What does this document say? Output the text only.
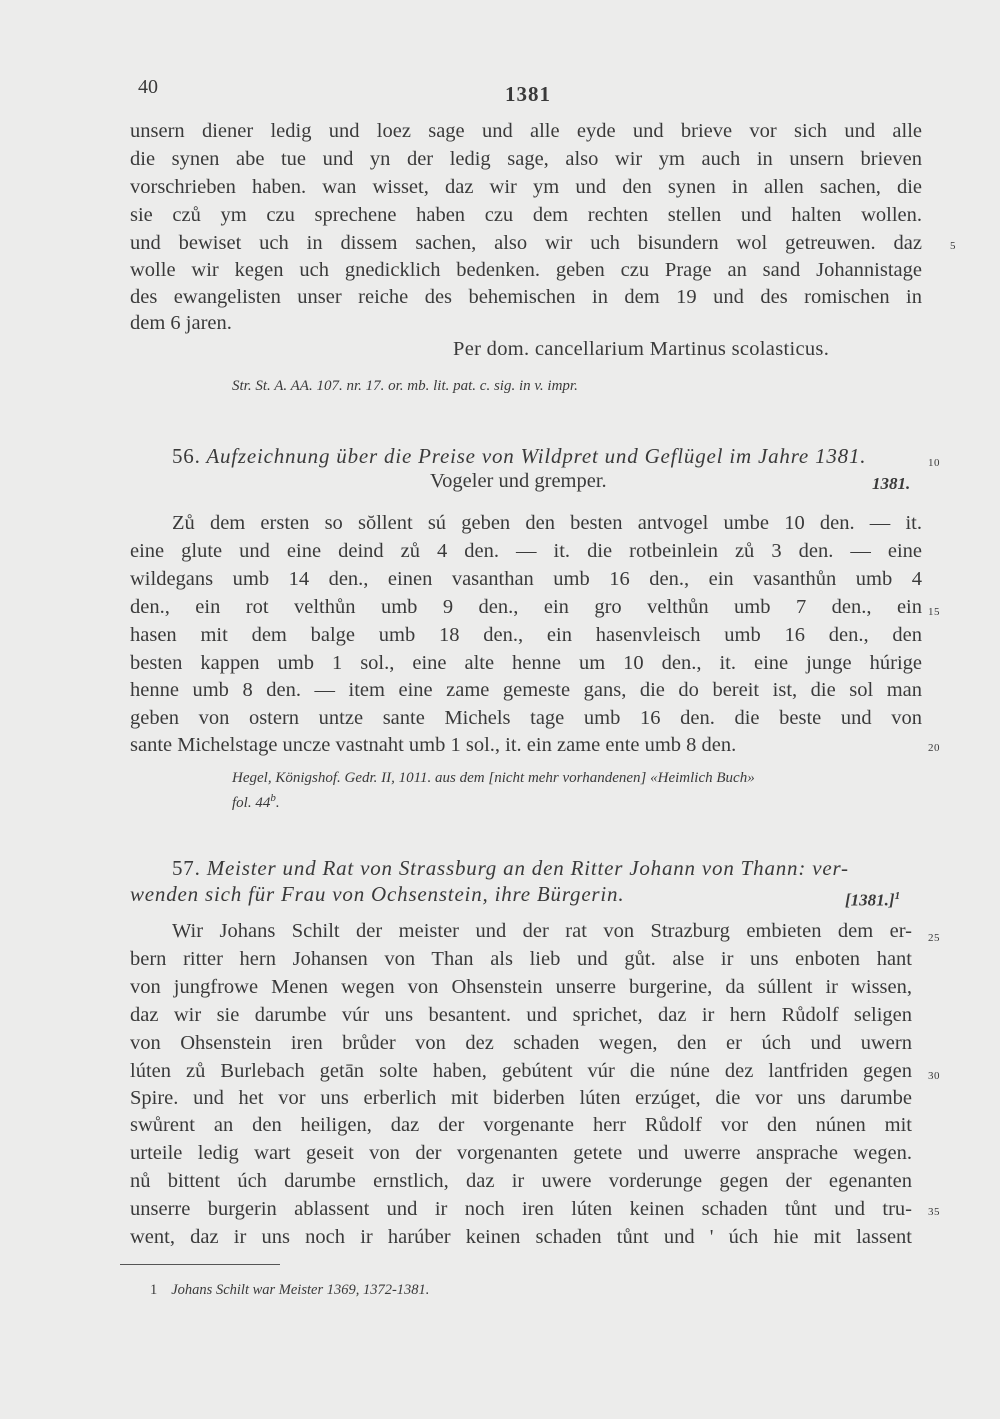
40	1381
unsern diener ledig und loez sage und alle eyde und brieve vor sich und alle
die synen abe tue und yn der ledig sage, also wir ym auch in unsern brieven
vorschrieben haben. wan wisset, daz wir ym und den synen in allen sachen, die
sie czů ym czu sprechene haben czu dem rechten stellen und halten wollen.
und bewiset uch in dissem sachen, also wir uch bisundern wol getreuwen. daz
wolle wir kegen uch gnedicklich bedenken. geben czu Prage an sand Johannistage
des ewangelisten unser reiche des behemischen in dem 19 und des romischen in
dem 6 jaren.
Per dom. cancellarium Martinus scolasticus.
Str. St. A. AA. 107. nr. 17. or. mb. lit. pat. c. sig. in v. impr.
56. Aufzeichnung über die Preise von Wildpret und Geflügel im Jahre 1381.
Vogeler und gremper.	1381.
Zů dem ersten so sŏllent sú geben den besten antvogel umbe 10 den. — it.
eine glute und eine deind zů 4 den. — it. die rotbeinlein zů 3 den. — eine
wildegans umb 14 den., einen vasanthan umb 16 den., ein vasanthůn umb 4
den., ein rot velthůn umb 9 den., ein gro velthůn umb 7 den., ein
hasen mit dem balge umb 18 den., ein hasenvleisch umb 16 den., den
besten kappen umb 1 sol., eine alte henne um 10 den., it. eine junge húrige
henne umb 8 den. — item eine zame gemeste gans, die do bereit ist, die sol man
geben von ostern untze sante Michels tage umb 16 den. die beste und von
sante Michelstage uncze vastnaht umb 1 sol., it. ein zame ente umb 8 den.
Hegel, Königshof. Gedr. II, 1011. aus dem [nicht mehr vorhandenen] «Heimlich Buch»
fol. 44$^b$.
57. Meister und Rat von Strassburg an den Ritter Johann von Thann: ver-
wenden sich für Frau von Ochsenstein, ihre Bürgerin.	$[1381.]^1$
Wir Johans Schilt der meister und der rat von Strazburg embieten dem er-
bern ritter hern Johansen von Than als lieb und gůt. alse ir uns enboten hant
von jungfrowe Menen wegen von Ohsenstein unserre burgerine, da súllent ir wissen,
daz wir sie darumbe vúr uns besantent. und sprichet, daz ir hern Růdolf seligen
von Ohsenstein iren brůder von dez schaden wegen, den er úch und uwern
lúten zů Burlebach getān solte haben, gebútent vúr die núne dez lantfriden gegen
Spire. und het vor uns erberlich mit biderben lúten erzúget, die vor uns darumbe
swůrent an den heiligen, daz der vorgenante herr Růdolf vor den núnen mit
urteile ledig wart geseit von der vorgenanten getete und uwerre ansprache wegen.
nů bittent úch darumbe ernstlich, daz ir uwere vorderunge gegen der egenanten
unserre burgerin ablassent und ir noch iren lúten keinen schaden tůnt und tru-
went, daz ir uns noch ir harúber keinen schaden tůnt und ' úch hie mit lassent
5
10
15
20
25
30
35
1 Johans Schilt war Meister 1369, 1372-1381.
